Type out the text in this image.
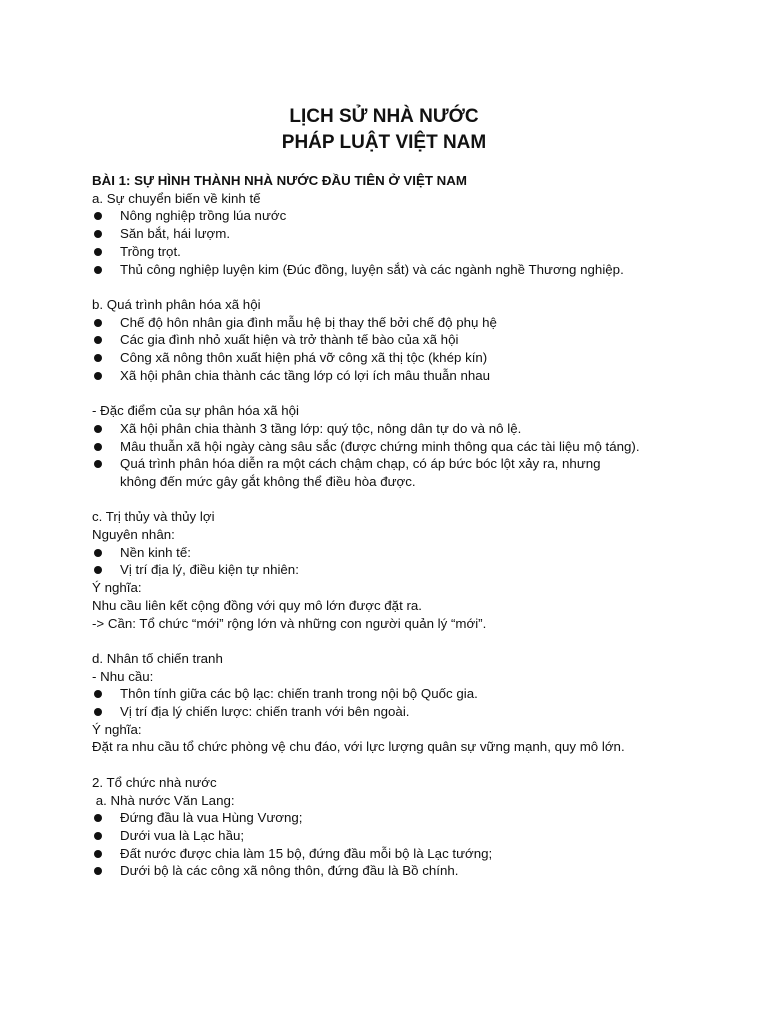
LỊCH SỬ NHÀ NƯỚC
PHÁP LUẬT VIỆT NAM
BÀI 1: SỰ HÌNH THÀNH NHÀ NƯỚC ĐẦU TIÊN Ở VIỆT NAM
a. Sự chuyển biến về kinh tế
Nông nghiệp trồng lúa nước
Săn bắt, hái lượm.
Trồng trọt.
Thủ công nghiệp luyện kim (Đúc đồng, luyện sắt) và các ngành nghề Thương nghiệp.
b. Quá trình phân hóa xã hội
Chế độ hôn nhân gia đình mẫu hệ bị thay thế bởi chế độ phụ hệ
Các gia đình nhỏ xuất hiện và trở thành tế bào của xã hội
Công xã nông thôn xuất hiện phá vỡ công xã thị tộc (khép kín)
Xã hội phân chia thành các tầng lớp có lợi ích mâu thuẫn nhau
- Đặc điểm của sự phân hóa xã hội
Xã hội phân chia thành 3 tầng lớp: quý tộc, nông dân tự do và nô lệ.
Mâu thuẫn xã hội ngày càng sâu sắc (được chứng minh thông qua các tài liệu mộ táng).
Quá trình phân hóa diễn ra một cách chậm chạp, có áp bức bóc lột xảy ra, nhưng
không đến mức gây gắt không thể điều hòa được.
c. Trị thủy và thủy lợi
Nguyên nhân:
Nền kinh tế:
Vị trí địa lý, điều kiện tự nhiên:
Ý nghĩa:
Nhu cầu liên kết cộng đồng với quy mô lớn được đặt ra.
-> Cần: Tổ chức “mới” rộng lớn và những con người quản lý “mới”.
d. Nhân tố chiến tranh
- Nhu cầu:
Thôn tính giữa các bộ lạc: chiến tranh trong nội bộ Quốc gia.
Vị trí địa lý chiến lược: chiến tranh với bên ngoài.
Ý nghĩa:
Đặt ra nhu cầu tổ chức phòng vệ chu đáo, với lực lượng quân sự vững mạnh, quy mô lớn.
2. Tổ chức nhà nước
a. Nhà nước Văn Lang:
Đứng đầu là vua Hùng Vương;
Dưới vua là Lạc hầu;
Đất nước được chia làm 15 bộ, đứng đầu mỗi bộ là Lạc tướng;
Dưới bộ là các công xã nông thôn, đứng đầu là Bồ chính.
